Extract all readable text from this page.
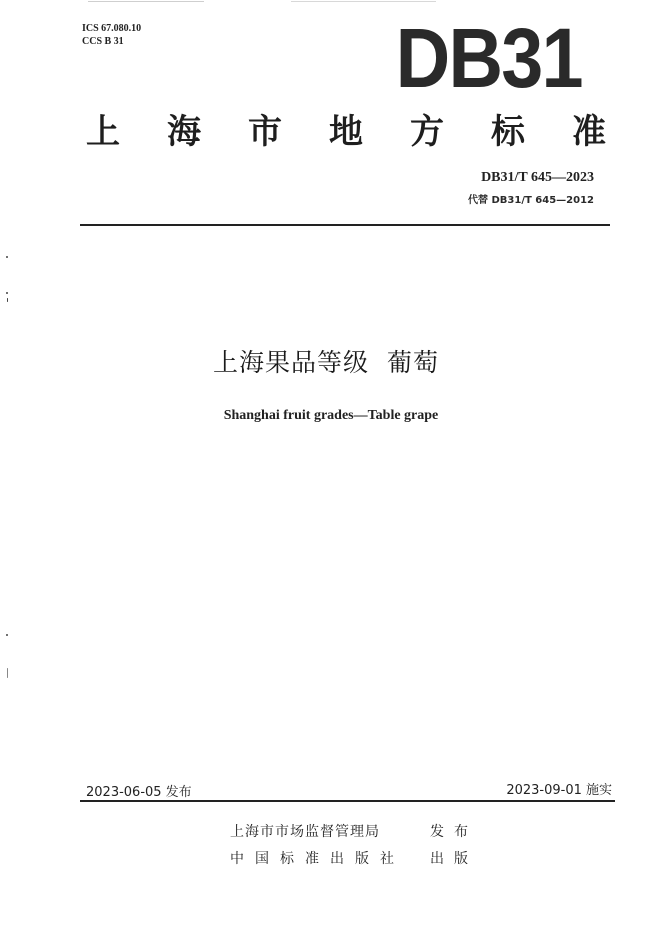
ICS 67.080.10
CCS B 31	DB31
上 海 市 地 方 标 准
DB31/T 645—2023
代替 DB31/T 645—2012
上海果品等级  葡萄
Shanghai fruit grades—Table grape
2023-06-05 发布	2023-09-01 施实
上海市市场监督管理局	发布
中国标准出版社	出版
